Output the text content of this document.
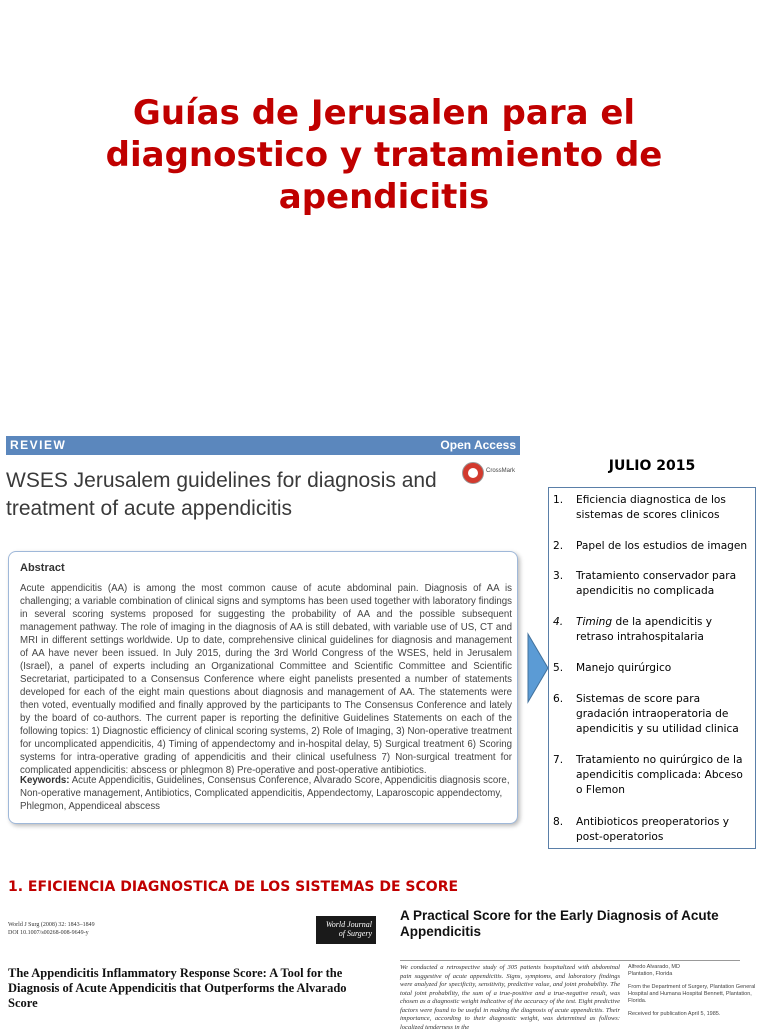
Guías de Jerusalen para el diagnostico y tratamiento de apendicitis
REVIEW	Open Access
WSES Jerusalem guidelines for diagnosis and treatment of acute appendicitis
CrossMark
Abstract
Acute appendicitis (AA) is among the most common cause of acute abdominal pain. Diagnosis of AA is challenging; a variable combination of clinical signs and symptoms has been used together with laboratory findings in several scoring systems proposed for suggesting the probability of AA and the possible subsequent management pathway. The role of imaging in the diagnosis of AA is still debated, with variable use of US, CT and MRI in different settings worldwide. Up to date, comprehensive clinical guidelines for diagnosis and management of AA have never been issued. In July 2015, during the 3rd World Congress of the WSES, held in Jerusalem (Israel), a panel of experts including an Organizational Committee and Scientific Committee and Scientific Secretariat, participated to a Consensus Conference where eight panelists presented a number of statements developed for each of the eight main questions about diagnosis and management of AA. The statements were then voted, eventually modified and finally approved by the participants to The Consensus Conference and lately by the board of co-authors. The current paper is reporting the definitive Guidelines Statements on each of the following topics: 1) Diagnostic efficiency of clinical scoring systems, 2) Role of Imaging, 3) Non-operative treatment for uncomplicated appendicitis, 4) Timing of appendectomy and in-hospital delay, 5) Surgical treatment 6) Scoring systems for intra-operative grading of appendicitis and their clinical usefulness 7) Non-surgical treatment for complicated appendicitis: abscess or phlegmon 8) Pre-operative and post-operative antibiotics.
Keywords: Acute Appendicitis, Guidelines, Consensus Conference, Alvarado Score, Appendicitis diagnosis score, Non-operative management, Antibiotics, Complicated appendicitis, Appendectomy, Laparoscopic appendectomy, Phlegmon, Appendiceal abscess
JULIO 2015
1. Eficiencia diagnostica de los sistemas de scores clinicos
2. Papel de los estudios de imagen
3. Tratamiento conservador para apendicitis no complicada
4. Timing de la apendicitis y retraso intrahospitalaria
5. Manejo quirúrgico
6. Sistemas de score para gradación intraoperatoria de apendicitis y su utilidad clinica
7. Tratamiento no quirúrgico de la apendicitis complicada: Abceso o Flemon
8. Antibioticos preoperatorios y post-operatorios
1. EFICIENCIA DIAGNOSTICA DE LOS SISTEMAS DE SCORE
World J Surg (2008) 32: 1843–1849
DOI 10.1007/s00268-008-9649-y
World Journal
of Surgery
The Appendicitis Inflammatory Response Score: A Tool for the Diagnosis of Acute Appendicitis that Outperforms the Alvarado Score
A Practical Score for the Early Diagnosis of Acute Appendicitis
We conducted a retrospective study of 305 patients hospitalized with abdominal pain suggestive of acute appendicitis. Signs, symptoms, and laboratory findings were analyzed for specificity, sensitivity, predictive value, and joint probability. The total joint probability, the sum of a true-positive and a true-negative result, was chosen as a diagnostic weight indicative of the accuracy of the test. Eight predictive factors were found to be useful in making the diagnosis of acute appendicitis. Their importance, according to their diagnostic weight, was determined as follows: localized tenderness in the
Alfredo Alvarado, MD
Plantation, Florida
From the Department of Surgery, Plantation General Hospital and Humana Hospital Bennett, Plantation, Florida.
Received for publication April 5, 1985.
